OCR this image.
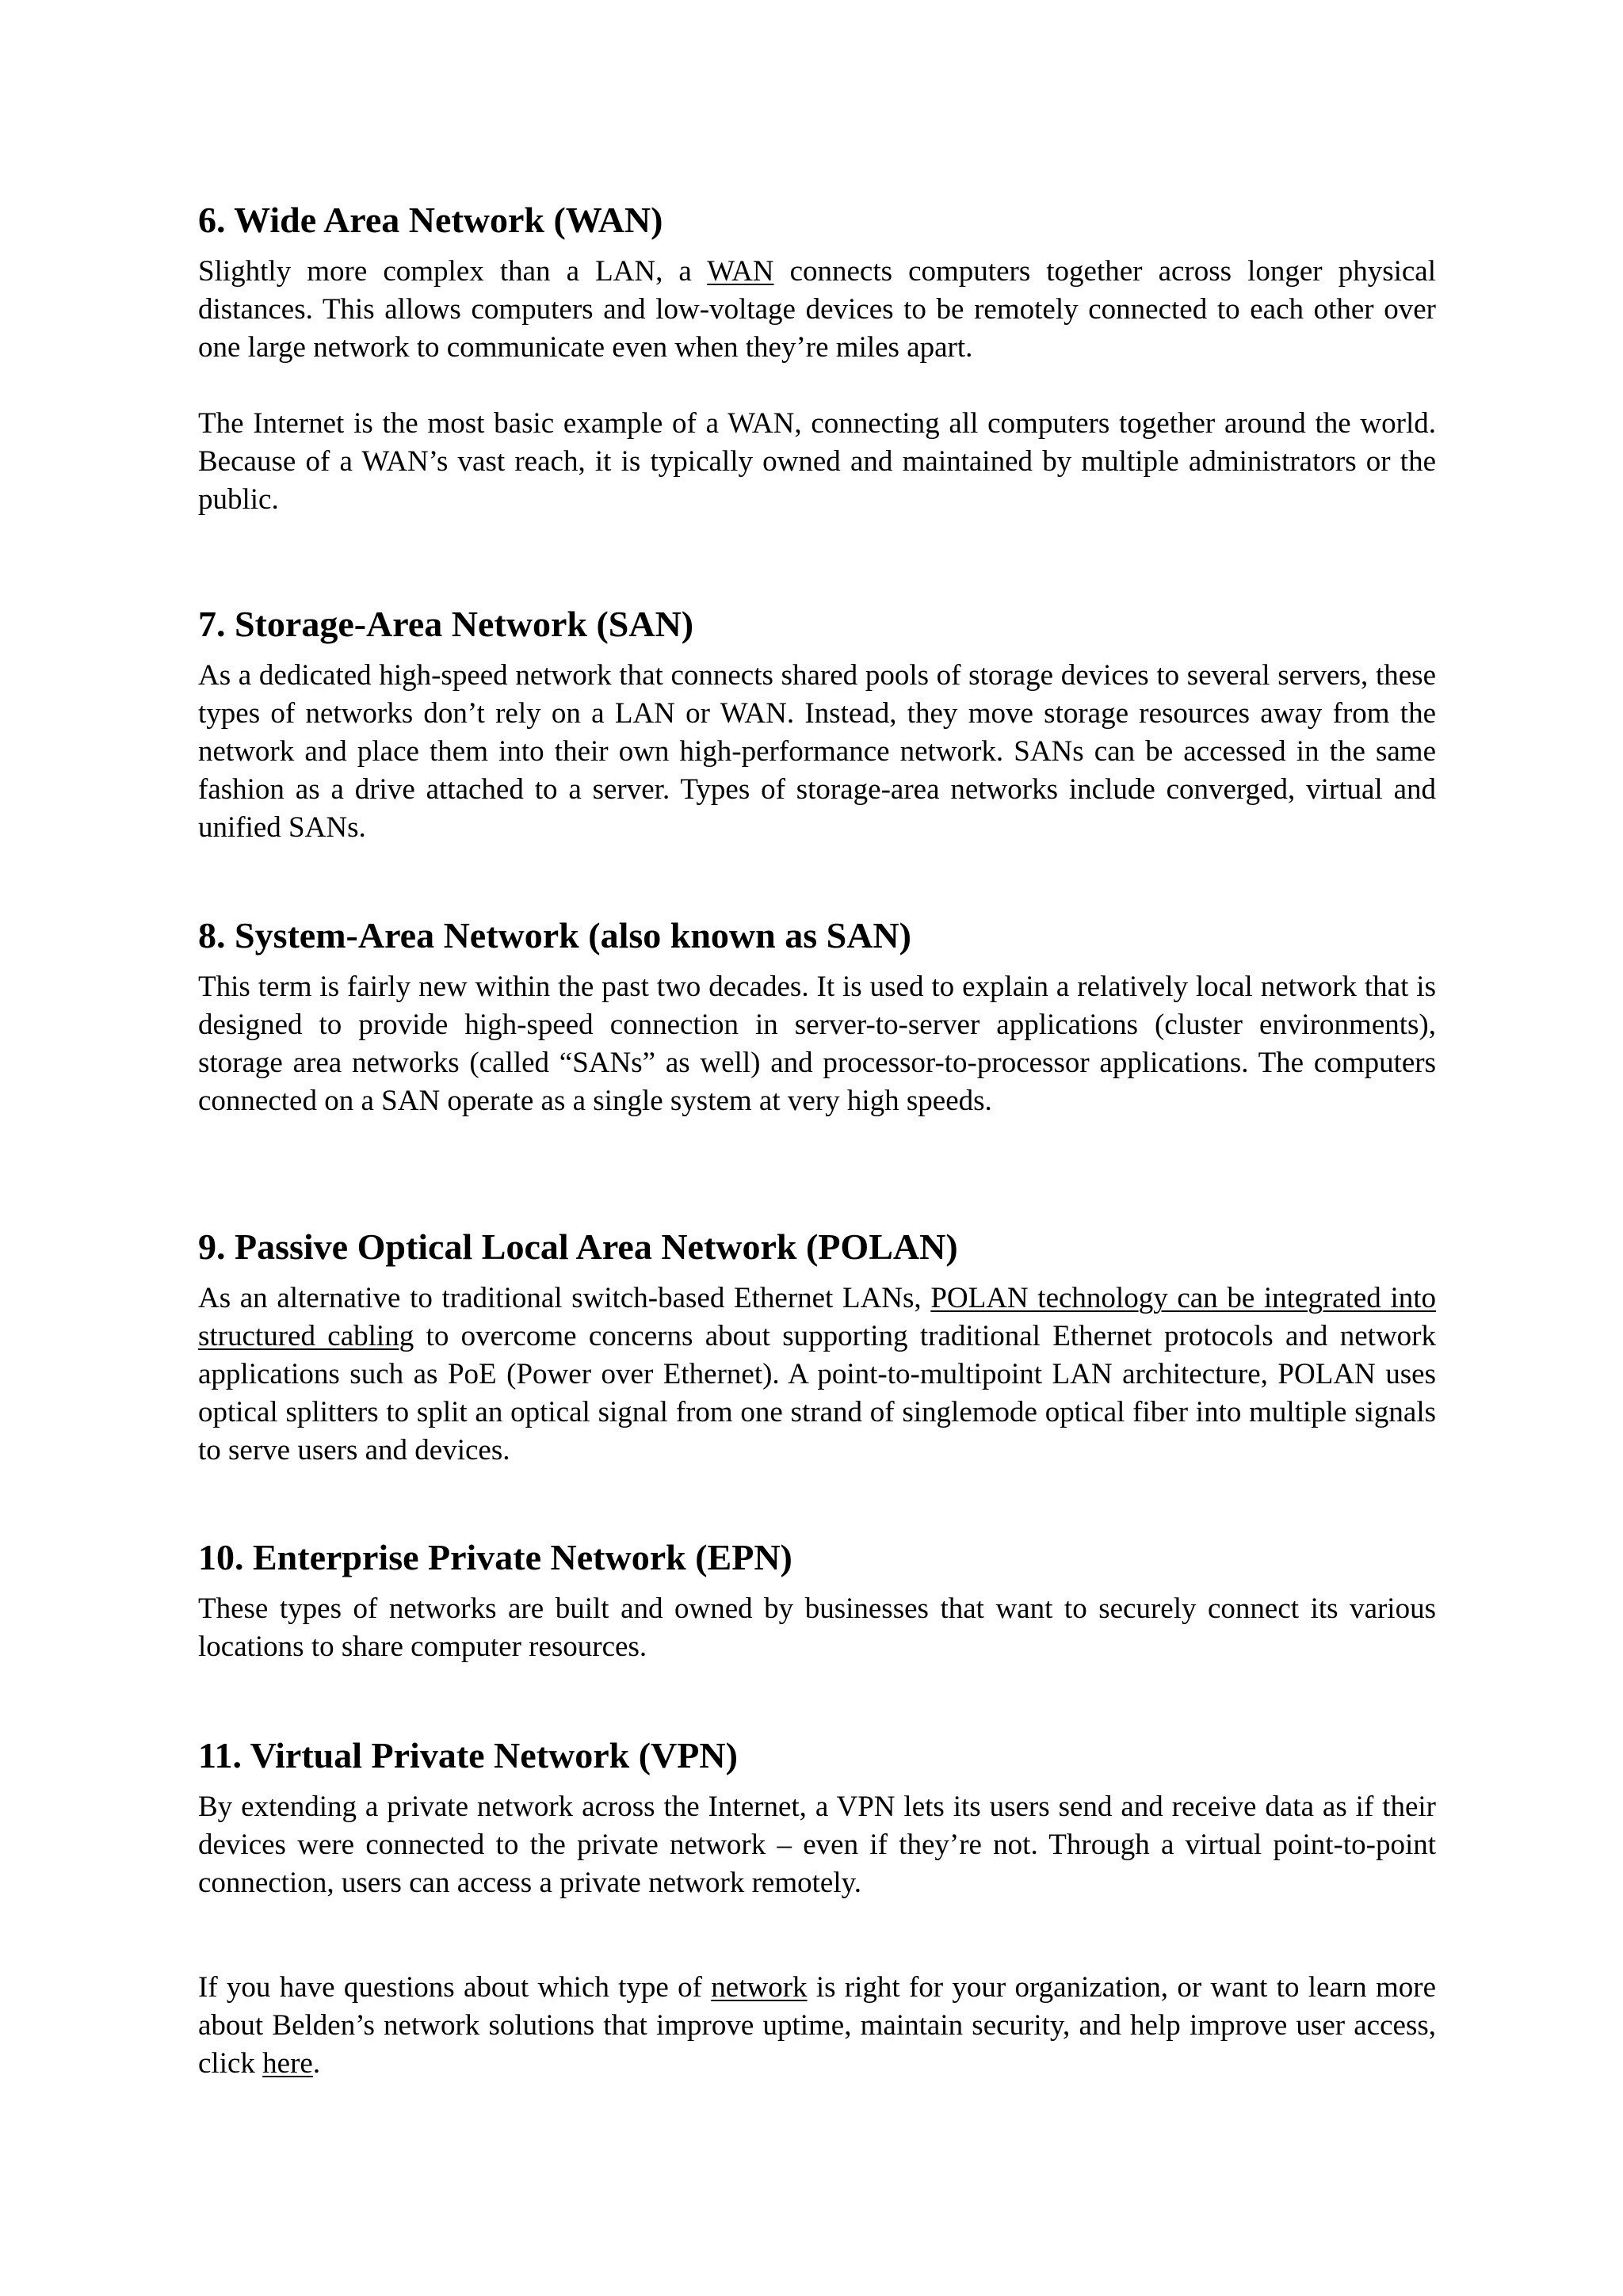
6. Wide Area Network (WAN)

Slightly more complex than a LAN, a WAN connects computers together across longer physical distances. This allows computers and low-voltage devices to be remotely connected to each other over one large network to communicate even when they’re miles apart.

The Internet is the most basic example of a WAN, connecting all computers together around the world. Because of a WAN’s vast reach, it is typically owned and maintained by multiple administrators or the public.

7. Storage-Area Network (SAN)

As a dedicated high-speed network that connects shared pools of storage devices to several servers, these types of networks don’t rely on a LAN or WAN. Instead, they move storage resources away from the network and place them into their own high-performance network. SANs can be accessed in the same fashion as a drive attached to a server. Types of storage-area networks include converged, virtual and unified SANs.

8. System-Area Network (also known as SAN)

This term is fairly new within the past two decades. It is used to explain a relatively local network that is designed to provide high-speed connection in server-to-server applications (cluster environments), storage area networks (called “SANs” as well) and processor-to-processor applications. The computers connected on a SAN operate as a single system at very high speeds.

9. Passive Optical Local Area Network (POLAN)

As an alternative to traditional switch-based Ethernet LANs, POLAN technology can be integrated into structured cabling to overcome concerns about supporting traditional Ethernet protocols and network applications such as PoE (Power over Ethernet). A point-to-multipoint LAN architecture, POLAN uses optical splitters to split an optical signal from one strand of singlemode optical fiber into multiple signals to serve users and devices.

10. Enterprise Private Network (EPN)

These types of networks are built and owned by businesses that want to securely connect its various locations to share computer resources.

11. Virtual Private Network (VPN)

By extending a private network across the Internet, a VPN lets its users send and receive data as if their devices were connected to the private network – even if they’re not. Through a virtual point-to-point connection, users can access a private network remotely.

If you have questions about which type of network is right for your organization, or want to learn more about Belden’s network solutions that improve uptime, maintain security, and help improve user access, click here.
